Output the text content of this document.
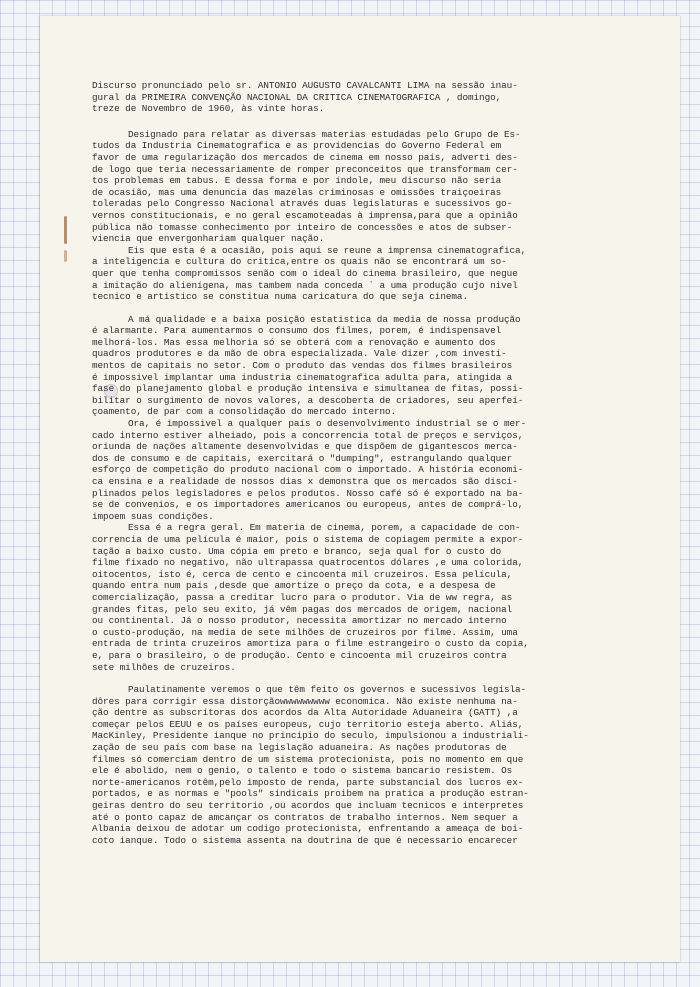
Discurso pronunciado pelo sr. ANTONIO AUGUSTO CAVALCANTI LIMA na sessão inau-
gural da PRIMEIRA CONVENÇÃO NACIONAL DA CRITICA CINEMATOGRAFICA , domingo,
treze de Novembro de 1960, às vinte horas.

Designado para relatar as diversas materias estudadas pelo Grupo de Es-
tudos da Industria Cinematografica e as providencias do Governo Federal em
favor de uma regularização dos mercados de cinema em nosso país, adverti des-
de logo que teria necessariamente de romper preconceitos que transformam cer-
tos problemas em tabus. E dessa forma e por índole, meu discurso não seria
de ocasião, mas uma denuncia das mazelas criminosas e omissões traiçoeiras
toleradas pelo Congresso Nacional através duas legislaturas e sucessivos go-
vernos constitucionais, e no geral escamoteadas à imprensa,para que a opinião
pública não tomasse conhecimento por inteiro de concessões e atos de subser-
viencia que envergonhariam qualquer nação.

Eis que esta é a ocasião, pois aqui se reune a imprensa cinematografica,
a inteligencia e cultura do critica,entre os quais não se encontrará um so-
quer que tenha compromissos senão com o ideal do cinema brasileiro, que negue
a imitação do alienígena, mas tambem nada conceda ` a uma produção cujo nivel
tecnico e artistico se constitua numa caricatura do que seja cinema.

A má qualidade e a baixa posição estatistica da media de nossa produção
é alarmante. Para aumentarmos o consumo dos filmes, porem, é indispensavel
melhorá-los. Mas essa melhoria só se obterá com a renovação e aumento dos
quadros produtores e da mão de obra especializada. Vale dizer ,com investi-
mentos de capitais no setor. Com o produto das vendas dos filmes brasileiros
é impossivel implantar uma industria cinematografica adulta para, atingida a
fase do planejamento global e produção intensiva e simultanea de fitas, possi-
bilitar o surgimento de novos valores, a descoberta de criadores, seu aperfei-
çoamento, de par com a consolidação do mercado interno.

Ora, é impossivel a qualquer país o desenvolvimento industrial se o mer-
cado interno estiver alheiado, pois a concorrencia total de preços e serviços,
oriunda de nações altamente desenvolvidas e que dispõem de gigantescos merca-
dos de consumo e de capitais, exercitará o "dumping", estrangulando qualquer
esforço de competição do produto nacional com o importado. A história economi-
ca ensina e a realidade de nossos dias x demonstra que os mercados são disci-
plinados pelos legisladores e pelos produtos. Nosso café só é exportado na ba-
se de convenios, e os importadores americanos ou europeus, antes de comprá-lo,
impoem suas condições.

Essa é a regra geral. Em materia de cinema, porem, a capacidade de con-
correncia de uma película é maior, pois o sistema de copiagem permite a expor-
tação a baixo custo. Uma cópia em preto e branco, seja qual for o custo do
filme fixado no negativo, não ultrapassa quatrocentos dólares ,e uma colorida,
oitocentos, isto é, cerca de cento e cincoenta mil cruzeiros. Essa película,
quando entra num país ,desde que amortize o preço da cota, e a despesa de
comercialização, passa a creditar lucro para o produtor. Via de ww regra, as
grandes fitas, pelo seu exito, já vêm pagas dos mercados de origem, nacional
ou continental. Já o nosso produtor, necessita amortizar no mercado interno
o custo-produção, na media de sete milhões de cruzeiros por filme. Assim, uma
entrada de trinta cruzeiros amortiza para o filme estrangeiro o custo da copia,
e, para o brasileiro, o de produção. Cento e cincoenta mil cruzeiros contra
sete milhões de cruzeiros.

Paulatinamente veremos o que têm feito os governos e sucessivos legisla-
dôres para corrigir essa distorçãowwwwwwwww economica. Não existe nenhuma na-
ção dentre as subscritoras dos acordos da Alta Autoridade Aduaneira (GATT) ,a
começar pelos EEUU e os países europeus, cujo territorio esteja aberto. Aliás,
MacKinley, Presidente ianque no principio do seculo, impulsionou a industriali-
zação de seu país com base na legislação aduaneira. As nações produtoras de
filmes só comerciam dentro de um sistema protecionista, pois no momento em que
ele é abolido, nem o genio, o talento e todo o sistema bancario resistem. Os
norte-americanos rotêm,pelo imposto de renda, parte substancial dos lucros ex-
portados, e as normas e "pools" sindicais proibem na pratica a produção estran-
geiras dentro do seu territorio ,ou acordos que incluam tecnicos e interpretes
até o ponto capaz de amcançar os contratos de trabalho internos. Nem sequer a
Albania deixou de adotar um codigo protecionista, enfrentando a ameaça de boi-
coto ianque. Todo o sistema assenta na doutrina de que é necessario encarecer
